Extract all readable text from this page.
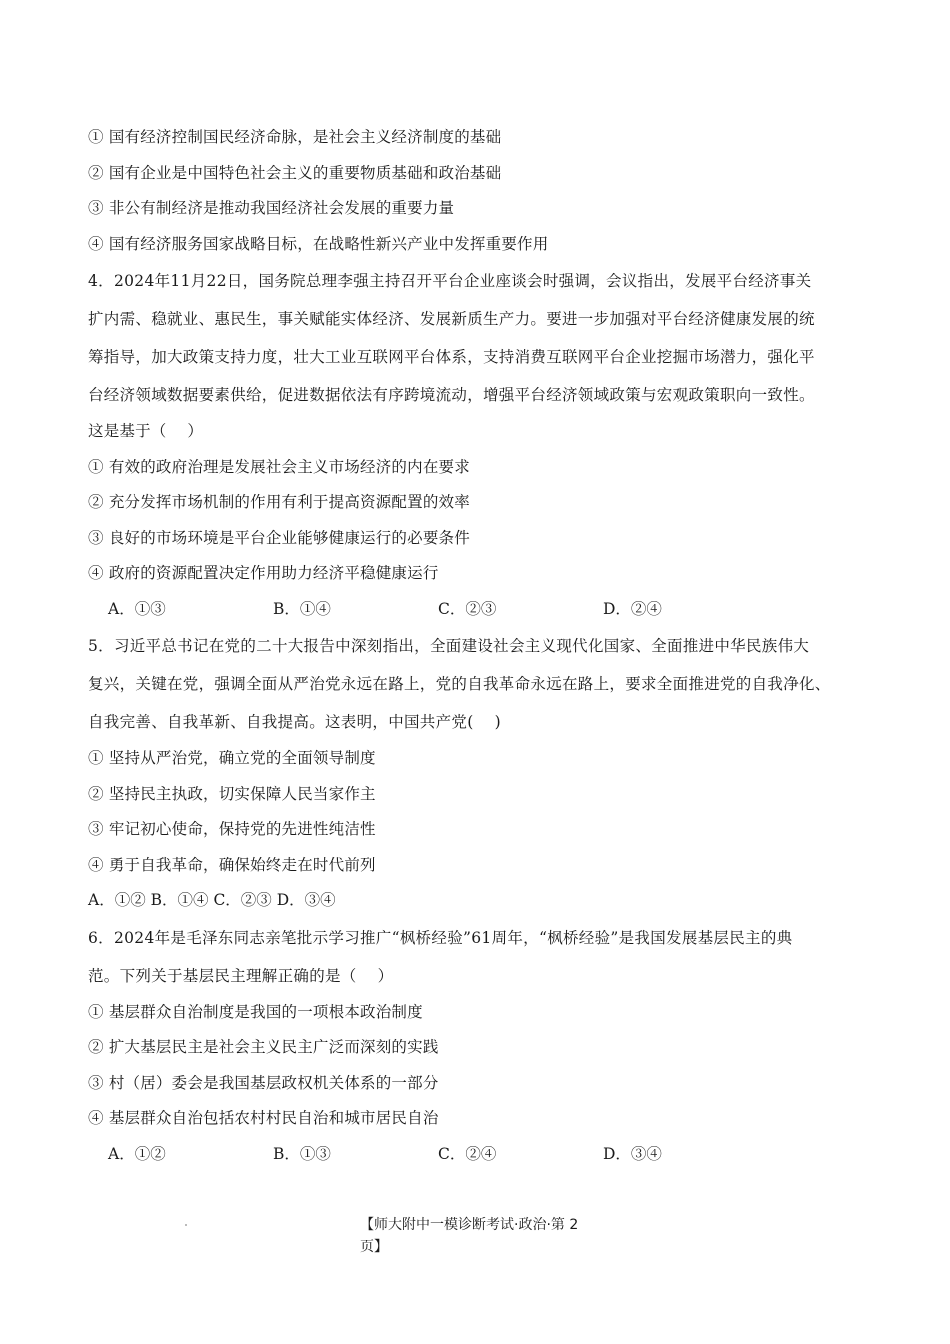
① 国有经济控制国民经济命脉，是社会主义经济制度的基础
② 国有企业是中国特色社会主义的重要物质基础和政治基础
③ 非公有制经济是推动我国经济社会发展的重要力量
④ 国有经济服务国家战略目标，在战略性新兴产业中发挥重要作用
4．2024年11月22日，国务院总理李强主持召开平台企业座谈会时强调，会议指出，发展平台经济事关
扩内需、稳就业、惠民生，事关赋能实体经济、发展新质生产力。要进一步加强对平台经济健康发展的统
筹指导，加大政策支持力度，壮大工业互联网平台体系，支持消费互联网平台企业挖掘市场潜力，强化平
台经济领域数据要素供给，促进数据依法有序跨境流动，增强平台经济领域政策与宏观政策职向一致性。
这是基于（　 ）
① 有效的政府治理是发展社会主义市场经济的内在要求
② 充分发挥市场机制的作用有利于提高资源配置的效率
③ 良好的市场环境是平台企业能够健康运行的必要条件
④ 政府的资源配置决定作用助力经济平稳健康运行
A．①③	B．①④	C．②③	D．②④
5．习近平总书记在党的二十大报告中深刻指出，全面建设社会主义现代化国家、全面推进中华民族伟大
复兴，关键在党，强调全面从严治党永远在路上，党的自我革命永远在路上，要求全面推进党的自我净化、
自我完善、自我革新、自我提高。这表明，中国共产党(　 )
① 坚持从严治党，确立党的全面领导制度
② 坚持民主执政，切实保障人民当家作主
③ 牢记初心使命，保持党的先进性纯洁性
④ 勇于自我革命，确保始终走在时代前列
A．①② B．①④ C．②③ D．③④
6．2024年是毛泽东同志亲笔批示学习推广“枫桥经验”61周年，“枫桥经验”是我国发展基层民主的典
范。下列关于基层民主理解正确的是（　 ）
① 基层群众自治制度是我国的一项根本政治制度
② 扩大基层民主是社会主义民主广泛而深刻的实践
③ 村（居）委会是我国基层政权机关体系的一部分
④ 基层群众自治包括农村村民自治和城市居民自治
A．①②	B．①③	C．②④	D．③④
【师大附中一模诊断考试·政治·第 2
页】
